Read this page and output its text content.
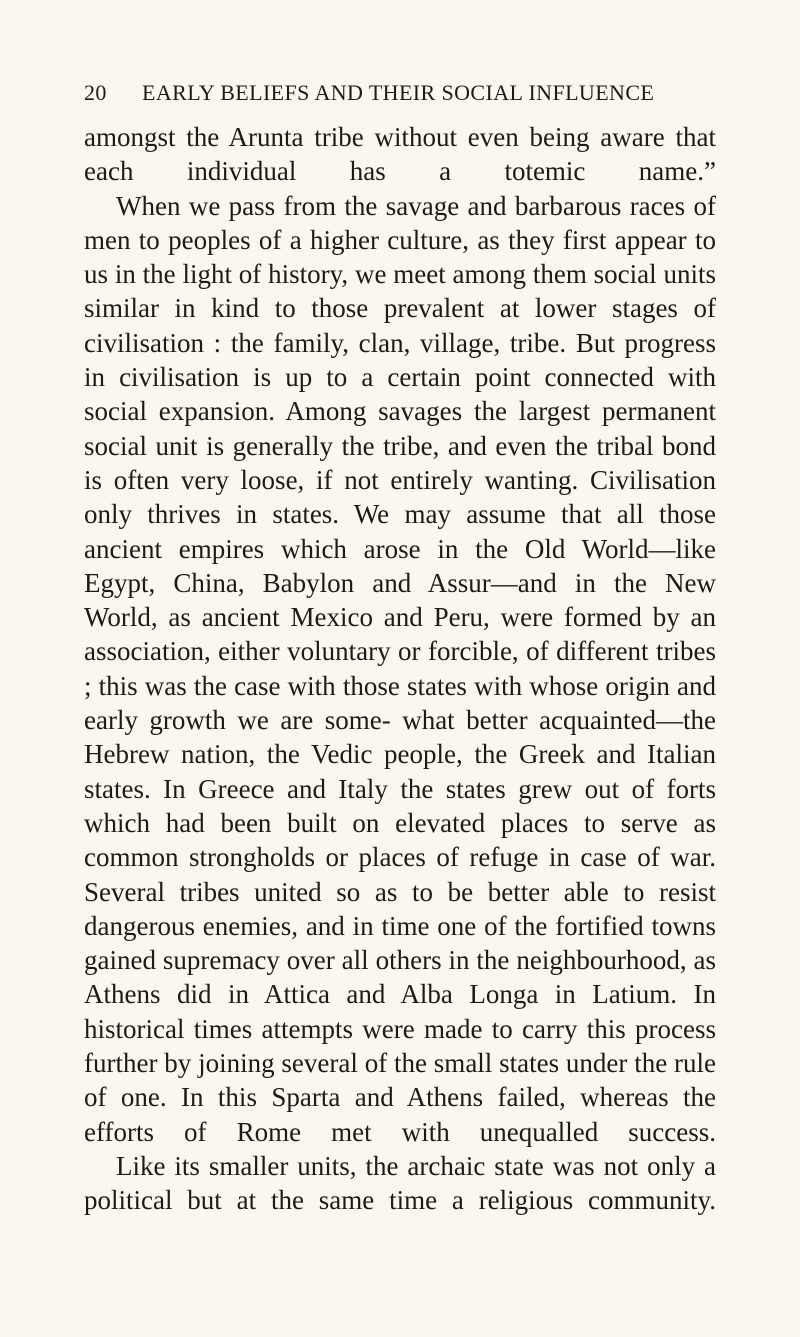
20 EARLY BELIEFS AND THEIR SOCIAL INFLUENCE

amongst the Arunta tribe without even being aware that each individual has a totemic name.”

When we pass from the savage and barbarous races of men to peoples of a higher culture, as they first appear to us in the light of history, we meet among them social units similar in kind to those prevalent at lower stages of civilisation : the family, clan, village, tribe. But progress in civilisation is up to a certain point connected with social expansion. Among savages the largest permanent social unit is generally the tribe, and even the tribal bond is often very loose, if not entirely wanting. Civilisation only thrives in states. We may assume that all those ancient empires which arose in the Old World—like Egypt, China, Babylon and Assur—and in the New World, as ancient Mexico and Peru, were formed by an association, either voluntary or forcible, of different tribes ; this was the case with those states with whose origin and early growth we are some- what better acquainted—the Hebrew nation, the Vedic people, the Greek and Italian states. In Greece and Italy the states grew out of forts which had been built on elevated places to serve as common strongholds or places of refuge in case of war. Several tribes united so as to be better able to resist dangerous enemies, and in time one of the fortified towns gained supremacy over all others in the neighbourhood, as Athens did in Attica and Alba Longa in Latium. In historical times attempts were made to carry this process further by joining several of the small states under the rule of one. In this Sparta and Athens failed, whereas the efforts of Rome met with unequalled success.

Like its smaller units, the archaic state was not only a political but at the same time a religious community.
